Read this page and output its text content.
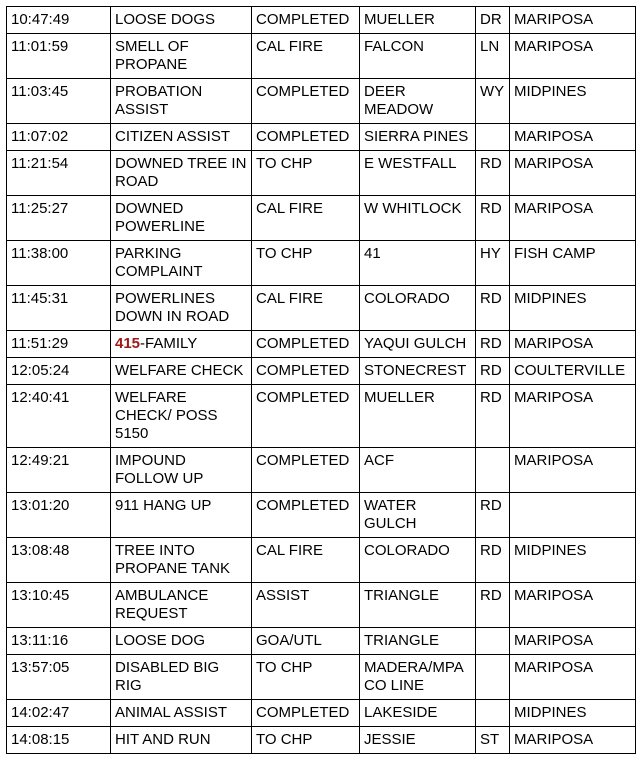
10:47:49	LOOSE DOGS	COMPLETED	MUELLER	DR	MARIPOSA
11:01:59	SMELL OF PROPANE	CAL FIRE	FALCON	LN	MARIPOSA
11:03:45	PROBATION ASSIST	COMPLETED	DEER MEADOW	WY	MIDPINES
11:07:02	CITIZEN ASSIST	COMPLETED	SIERRA PINES		MARIPOSA
11:21:54	DOWNED TREE IN ROAD	TO CHP	E WESTFALL	RD	MARIPOSA
11:25:27	DOWNED POWERLINE	CAL FIRE	W WHITLOCK	RD	MARIPOSA
11:38:00	PARKING COMPLAINT	TO CHP	41	HY	FISH CAMP
11:45:31	POWERLINES DOWN IN ROAD	CAL FIRE	COLORADO	RD	MIDPINES
11:51:29	415-FAMILY	COMPLETED	YAQUI GULCH	RD	MARIPOSA
12:05:24	WELFARE CHECK	COMPLETED	STONECREST	RD	COULTERVILLE
12:40:41	WELFARE CHECK/ POSS 5150	COMPLETED	MUELLER	RD	MARIPOSA
12:49:21	IMPOUND FOLLOW UP	COMPLETED	ACF		MARIPOSA
13:01:20	911 HANG UP	COMPLETED	WATER GULCH	RD	
13:08:48	TREE INTO PROPANE TANK	CAL FIRE	COLORADO	RD	MIDPINES
13:10:45	AMBULANCE REQUEST	ASSIST	TRIANGLE	RD	MARIPOSA
13:11:16	LOOSE DOG	GOA/UTL	TRIANGLE		MARIPOSA
13:57:05	DISABLED BIG RIG	TO CHP	MADERA/MPA CO LINE		MARIPOSA
14:02:47	ANIMAL ASSIST	COMPLETED	LAKESIDE		MIDPINES
14:08:15	HIT AND RUN	TO CHP	JESSIE	ST	MARIPOSA
